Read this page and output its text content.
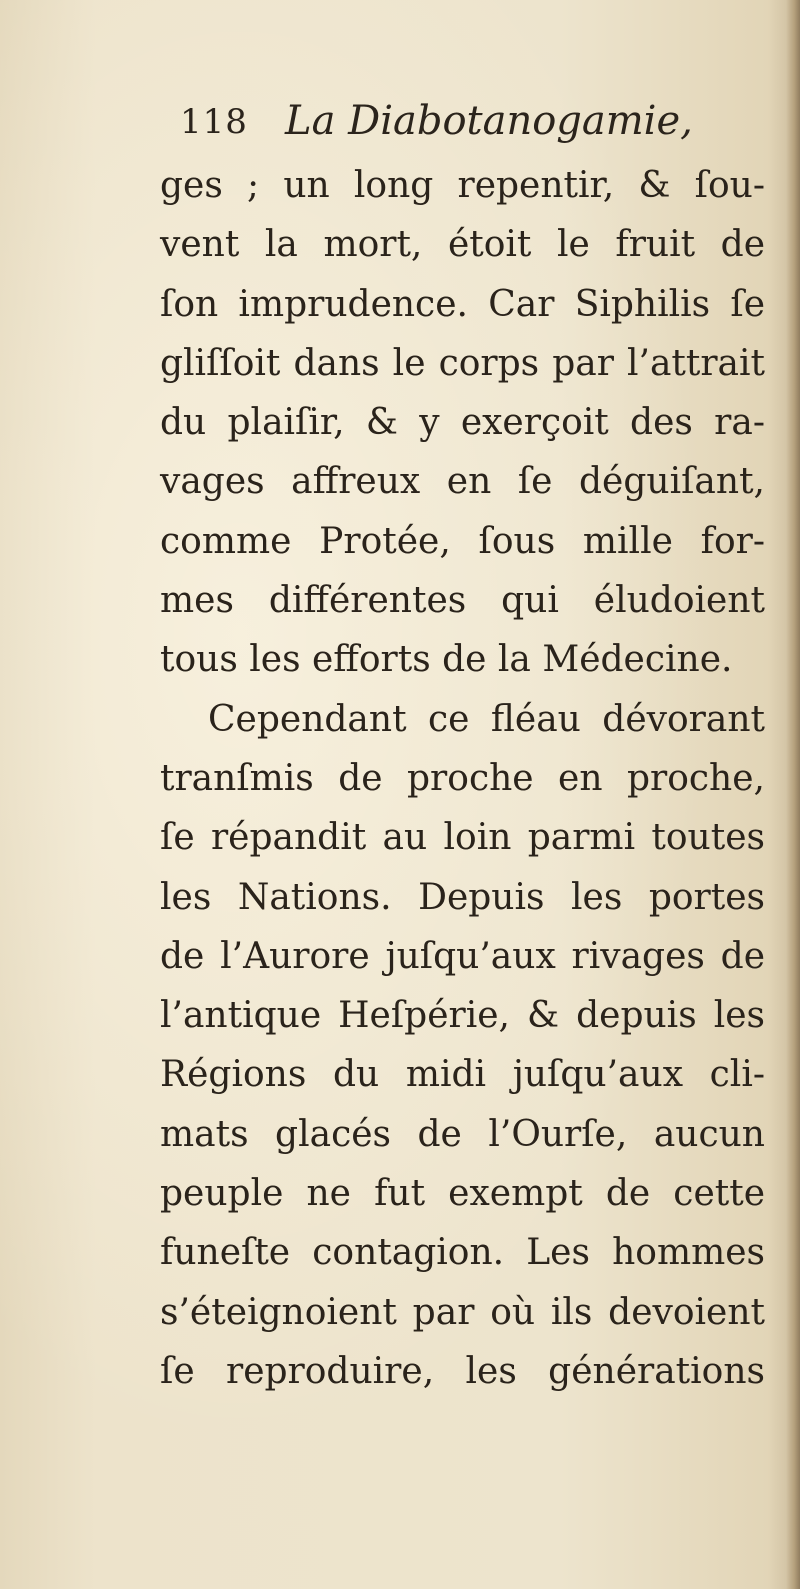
118 La Diabotanogamie,
ges ; un long repentir, & ſou-
vent la mort, étoit le fruit de
ſon imprudence. Car Siphilis ſe
gliſſoit dans le corps par l’attrait
du plaiſir, & y exerçoit des ra-
vages affreux en ſe déguiſant,
comme Protée, ſous mille for-
mes différentes qui éludoient
tous les efforts de la Médecine.
Cependant ce fléau dévorant
tranſmis de proche en proche,
ſe répandit au loin parmi toutes
les Nations. Depuis les portes
de l’Aurore juſqu’aux rivages de
l’antique Heſpérie, & depuis les
Régions du midi juſqu’aux cli-
mats glacés de l’Ourſe, aucun
peuple ne fut exempt de cette
funeſte contagion. Les hommes
s’éteignoient par où ils devoient
ſe reproduire, les générations
